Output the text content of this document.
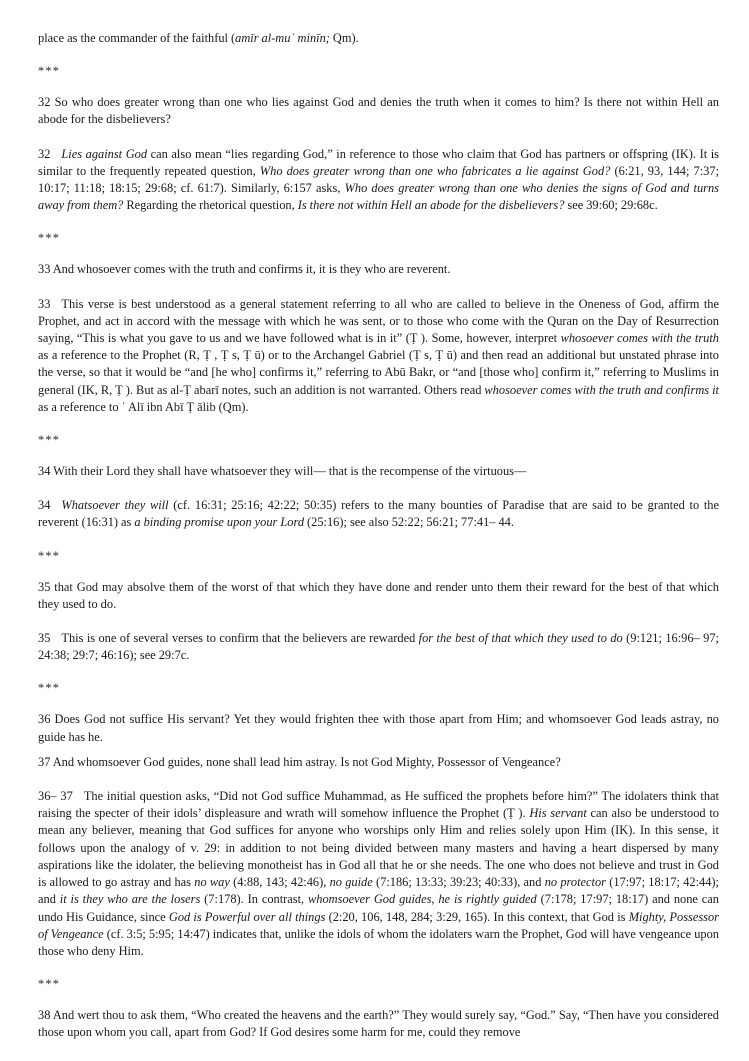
place as the commander of the faithful (amīr al-muʾ minīn; Qm).

***

32 So who does greater wrong than one who lies against God and denies the truth when it comes to him? Is there not within Hell an abode for the disbelievers?

32 Lies against God can also mean “lies regarding God,” in reference to those who claim that God has partners or offspring (IK). It is similar to the frequently repeated question, Who does greater wrong than one who fabricates a lie against God? (6:21, 93, 144; 7:37; 10:17; 11:18; 18:15; 29:68; cf. 61:7). Similarly, 6:157 asks, Who does greater wrong than one who denies the signs of God and turns away from them? Regarding the rhetorical question, Is there not within Hell an abode for the disbelievers? see 39:60; 29:68c.

***

33 And whosoever comes with the truth and confirms it, it is they who are reverent.

33 This verse is best understood as a general statement referring to all who are called to believe in the Oneness of God, affirm the Prophet, and act in accord with the message with which he was sent, or to those who come with the Quran on the Day of Resurrection saying, “This is what you gave to us and we have followed what is in it” (Ṭ ). Some, however, interpret whosoever comes with the truth as a reference to the Prophet (R, Ṭ , Ṭ s, Ṭ ū) or to the Archangel Gabriel (Ṭ s, Ṭ ū) and then read an additional but unstated phrase into the verse, so that it would be “and [he who] confirms it,” referring to Abū Bakr, or “and [those who] confirm it,” referring to Muslims in general (IK, R, Ṭ ). But as al-Ṭ abarī notes, such an addition is not warranted. Others read whosoever comes with the truth and confirms it as a reference to ʿ Alī ibn Abī Ṭ ālib (Qm).

***

34 With their Lord they shall have whatsoever they will— that is the recompense of the virtuous—

34 Whatsoever they will (cf. 16:31; 25:16; 42:22; 50:35) refers to the many bounties of Paradise that are said to be granted to the reverent (16:31) as a binding promise upon your Lord (25:16); see also 52:22; 56:21; 77:41– 44.

***

35 that God may absolve them of the worst of that which they have done and render unto them their reward for the best of that which they used to do.

35 This is one of several verses to confirm that the believers are rewarded for the best of that which they used to do (9:121; 16:96– 97; 24:38; 29:7; 46:16); see 29:7c.

***

36 Does God not suffice His servant? Yet they would frighten thee with those apart from Him; and whomsoever God leads astray, no guide has he.

37 And whomsoever God guides, none shall lead him astray. Is not God Mighty, Possessor of Vengeance?

36– 37 The initial question asks, “Did not God suffice Muhammad, as He sufficed the prophets before him?” The idolaters think that raising the specter of their idols’ displeasure and wrath will somehow influence the Prophet (Ṭ ). His servant can also be understood to mean any believer, meaning that God suffices for anyone who worships only Him and relies solely upon Him (IK). In this sense, it follows upon the analogy of v. 29: in addition to not being divided between many masters and having a heart dispersed by many aspirations like the idolater, the believing monotheist has in God all that he or she needs. The one who does not believe and trust in God is allowed to go astray and has no way (4:88, 143; 42:46), no guide (7:186; 13:33; 39:23; 40:33), and no protector (17:97; 18:17; 42:44); and it is they who are the losers (7:178). In contrast, whomsoever God guides, he is rightly guided (7:178; 17:97; 18:17) and none can undo His Guidance, since God is Powerful over all things (2:20, 106, 148, 284; 3:29, 165). In this context, that God is Mighty, Possessor of Vengeance (cf. 3:5; 5:95; 14:47) indicates that, unlike the idols of whom the idolaters warn the Prophet, God will have vengeance upon those who deny Him.

***

38 And wert thou to ask them, “Who created the heavens and the earth?” They would surely say, “God.” Say, “Then have you considered those upon whom you call, apart from God? If God desires some harm for me, could they remove
